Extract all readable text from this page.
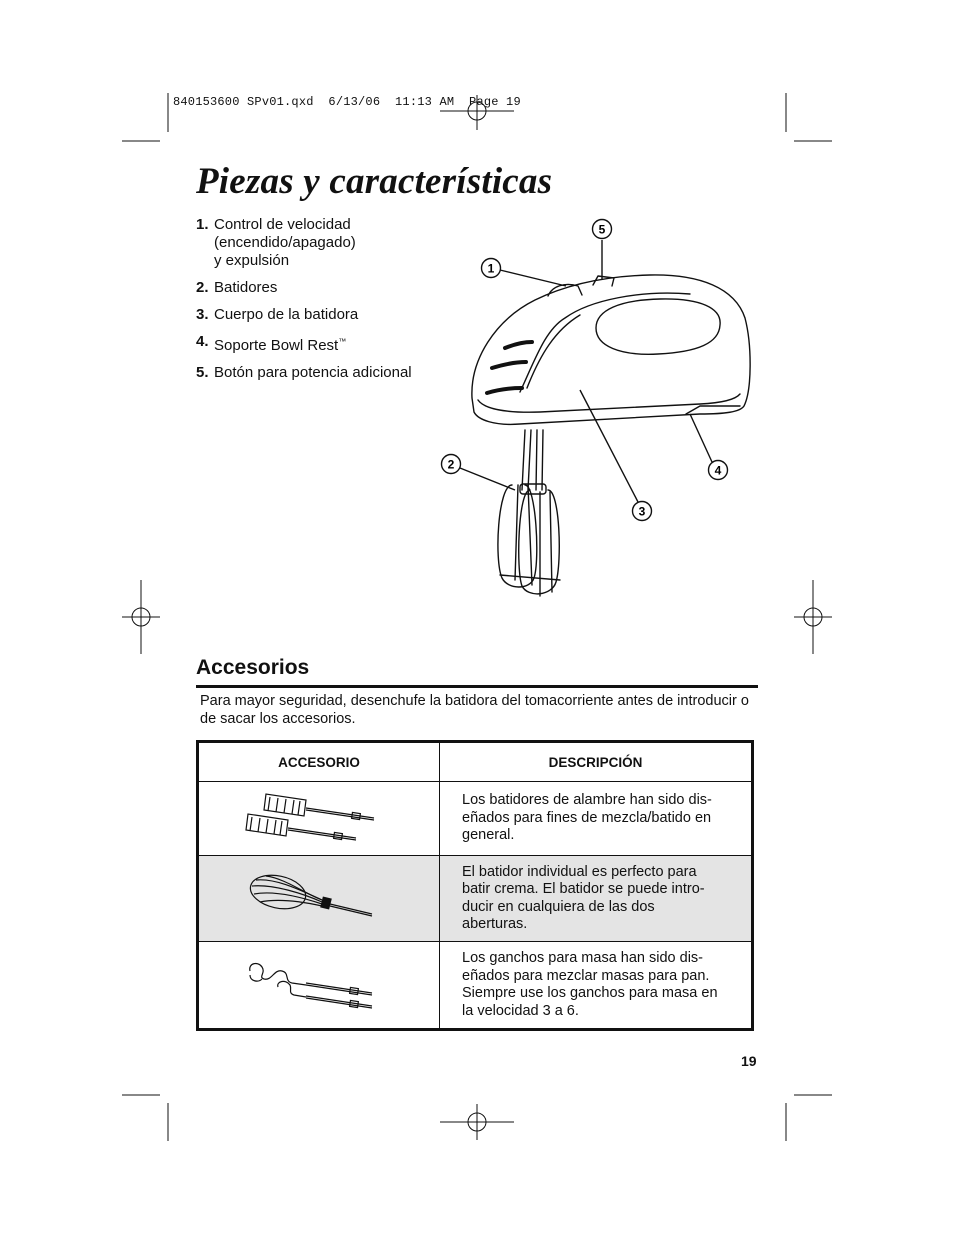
840153600 SPv01.qxd  6/13/06  11:13 AM  Page 19
Piezas y características
1. Control de velocidad
(encendido/apagado)
y expulsión
2. Batidores
3. Cuerpo de la batidora
4. Soporte Bowl Rest™
5. Botón para potencia adicional
1
5
2	4
3
Accesorios
Para mayor seguridad, desenchufe la batidora del tomacorriente antes de introducir o de sacar los accesorios.
ACCESORIO	DESCRIPCIÓN
	Los batidores de alambre han sido dis-
eñados para fines de mezcla/batido en
general.
	El batidor individual es perfecto para
batir crema. El batidor se puede intro-
ducir en cualquiera de las dos
aberturas.
	Los ganchos para masa han sido dis-
eñados para mezclar masas para pan.
Siempre use los ganchos para masa en
la velocidad 3 a 6.
19
